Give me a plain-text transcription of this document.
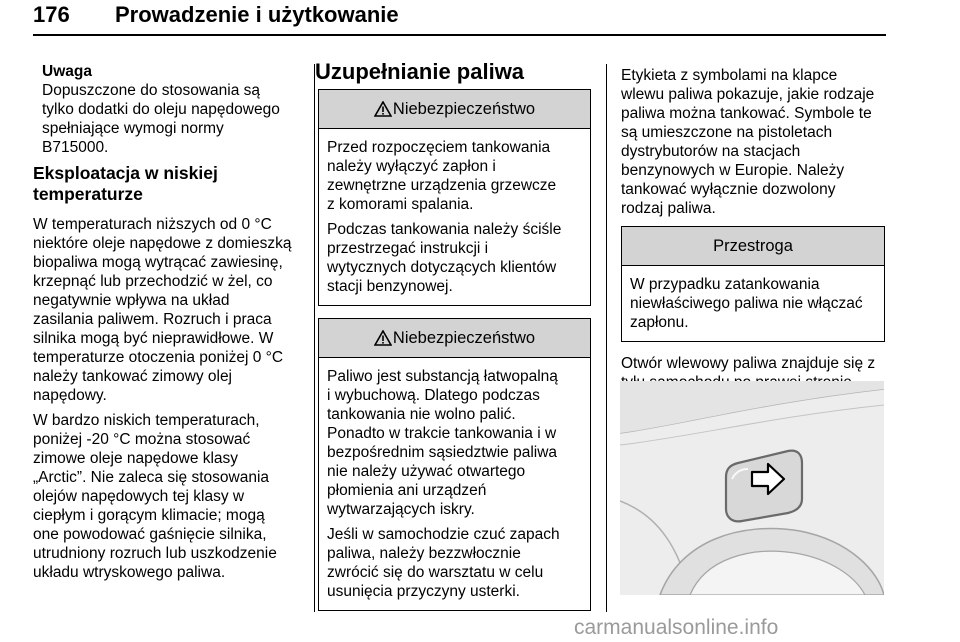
176 Prowadzenie i użytkowanie
Uwaga

Dopuszczone do stosowania są
tylko dodatki do oleju napędowego
spełniające wymogi normy
B715000.

Eksploatacja w niskiej
temperaturze

W temperaturach niższych od 0 °C
niektóre oleje napędowe z domieszką
biopaliwa mogą wytrącać zawiesinę,
krzepnąć lub przechodzić w żel, co
negatywnie wpływa na układ
zasilania paliwem. Rozruch i praca
silnika mogą być nieprawidłowe. W
temperaturze otoczenia poniżej 0 °C
należy tankować zimowy olej
napędowy.

W bardzo niskich temperaturach,
poniżej -20 °C można stosować
zimowe oleje napędowe klasy
„Arctic”. Nie zaleca się stosowania
olejów napędowych tej klasy w
ciepłym i gorącym klimacie; mogą
one powodować gaśnięcie silnika,
utrudniony rozruch lub uszkodzenie
układu wtryskowego paliwa.

Uzupełnianie paliwa
Niebezpieczeństwo

Przed rozpoczęciem tankowania
należy wyłączyć zapłon i
zewnętrzne urządzenia grzewcze
z komorami spalania.

Podczas tankowania należy ściśle
przestrzegać instrukcji i
wytycznych dotyczących klientów
stacji benzynowej.

Niebezpieczeństwo

Paliwo jest substancją łatwopalną
i wybuchową. Dlatego podczas
tankowania nie wolno palić.
Ponadto w trakcie tankowania i w
bezpośrednim sąsiedztwie paliwa
nie należy używać otwartego
płomienia ani urządzeń
wytwarzających iskry.

Jeśli w samochodzie czuć zapach
paliwa, należy bezzwłocznie
zwrócić się do warsztatu w celu
usunięcia przyczyny usterki.

Etykieta z symbolami na klapce
wlewu paliwa pokazuje, jakie rodzaje
paliwa można tankować. Symbole te
są umieszczone na pistoletach
dystrybutorów na stacjach
benzynowych w Europie. Należy
tankować wyłącznie dozwolony
rodzaj paliwa.

Przestroga

W przypadku zatankowania
niewłaściwego paliwa nie włączać
zapłonu.

Otwór wlewowy paliwa znajduje się z

carmanualsonline.info
